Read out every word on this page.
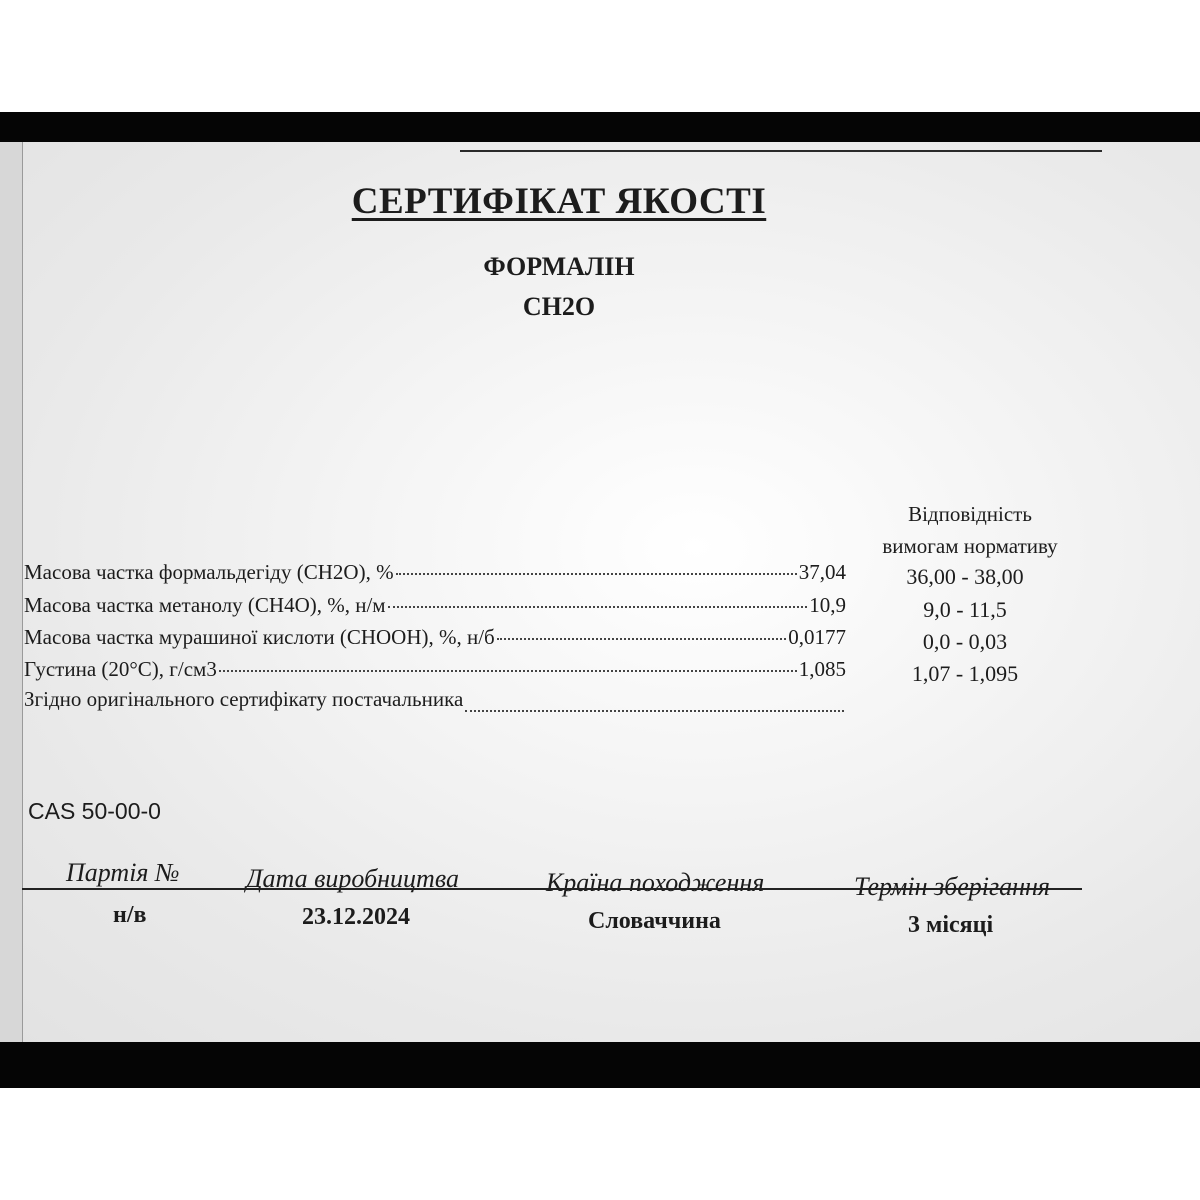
СЕРТИФІКАТ ЯКОСТІ
ФОРМАЛІН
CH2O
Відповідність
вимогам нормативу
Масова частка формальдегіду (CH2O), %	37,04	36,00 - 38,00
Масова частка метанолу (CH4O), %, н/м	10,9	9,0 - 11,5
Масова частка мурашиної кислоти (CHOOH), %, н/б	0,0177	0,0 - 0,03
Густина (20°C), г/см3	1,085	1,07 - 1,095
Згідно оригінального сертифікату постачальника
CAS 50-00-0
Партія №	Дата виробництва	Країна походження	Термін зберігання
н/в	23.12.2024	Словаччина	3 місяці
